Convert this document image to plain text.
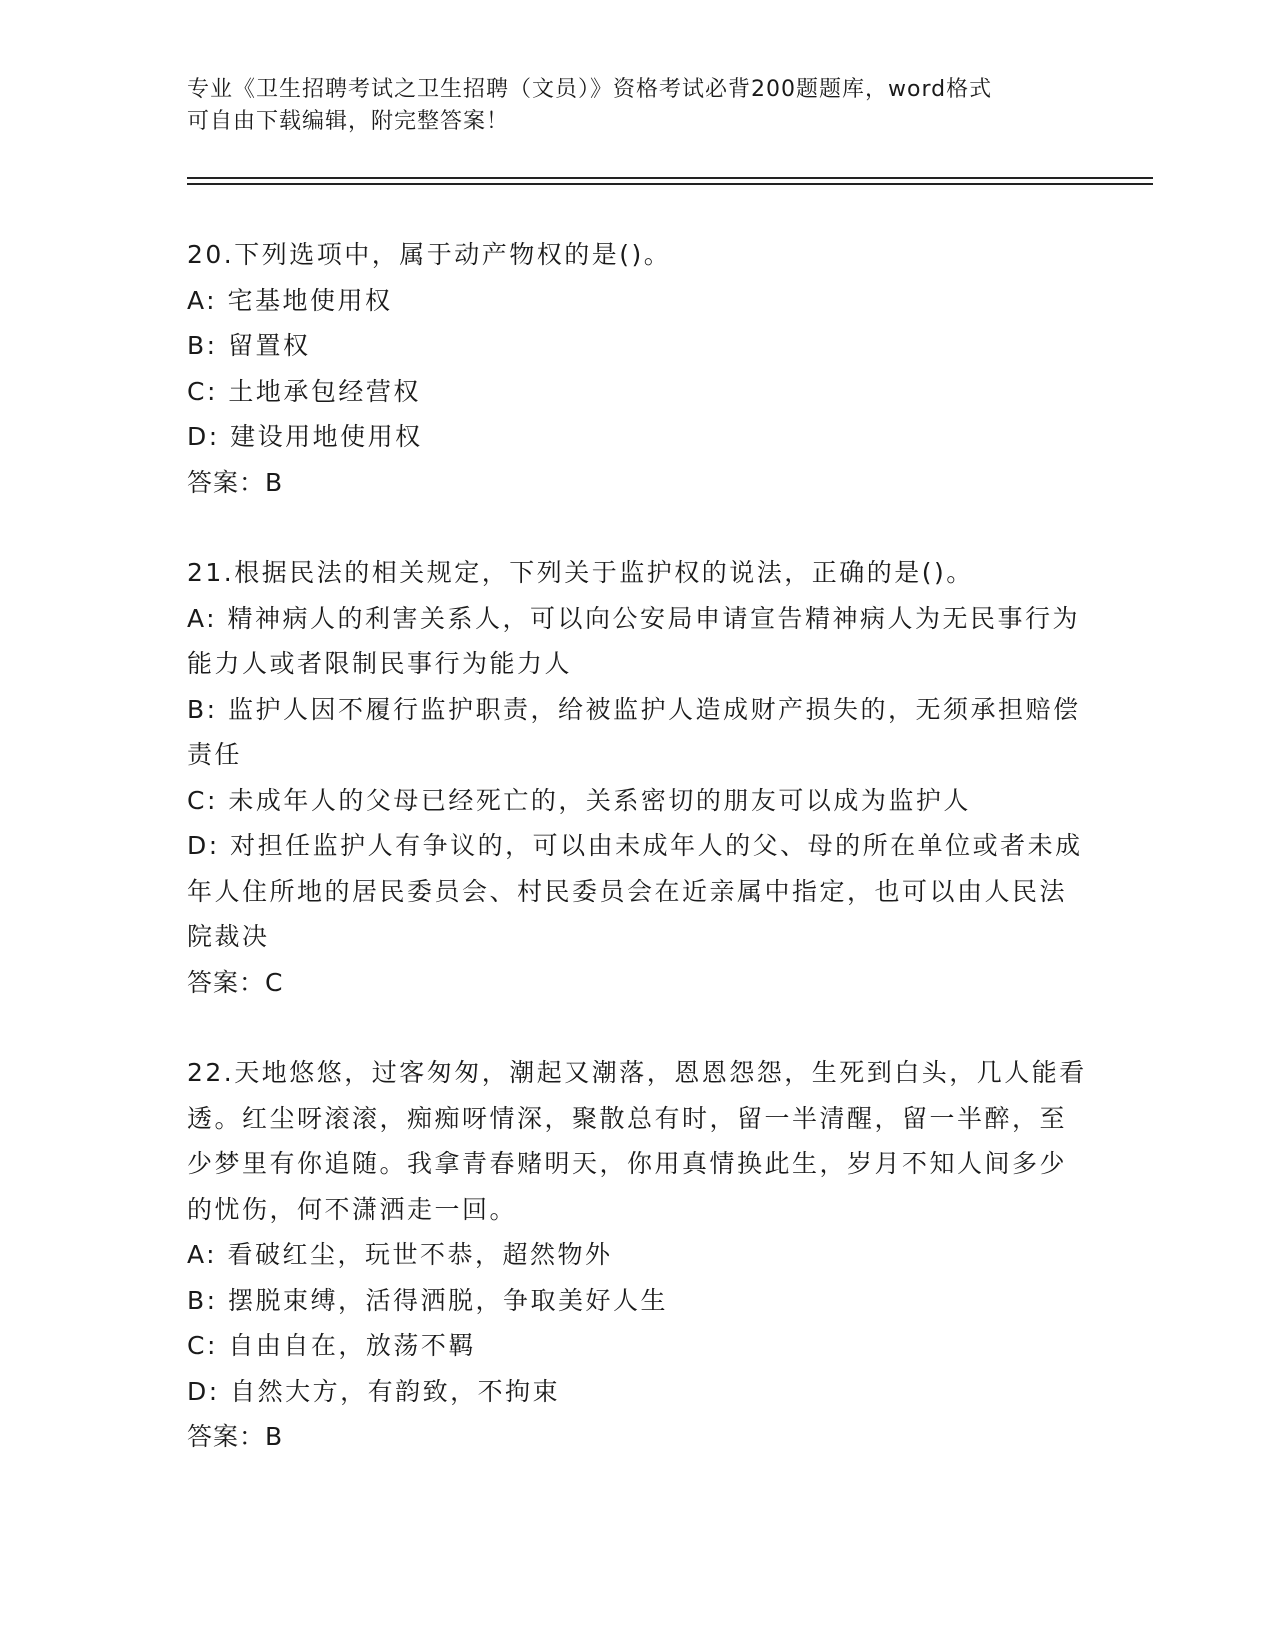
专业《卫生招聘考试之卫生招聘（文员）》资格考试必背200题题库，word格式
可自由下载编辑，附完整答案！
20.下列选项中，属于动产物权的是()。
A: 宅基地使用权
B: 留置权
C: 土地承包经营权
D: 建设用地使用权
答案：B
21.根据民法的相关规定，下列关于监护权的说法，正确的是()。
A: 精神病人的利害关系人，可以向公安局申请宣告精神病人为无民事行为能力人或者限制民事行为能力人
B: 监护人因不履行监护职责，给被监护人造成财产损失的，无须承担赔偿责任
C: 未成年人的父母已经死亡的，关系密切的朋友可以成为监护人
D: 对担任监护人有争议的，可以由未成年人的父、母的所在单位或者未成年人住所地的居民委员会、村民委员会在近亲属中指定，也可以由人民法院裁决
答案：C
22.天地悠悠，过客匆匆，潮起又潮落，恩恩怨怨，生死到白头，几人能看透。红尘呀滚滚，痴痴呀情深，聚散总有时，留一半清醒，留一半醉，至少梦里有你追随。我拿青春赌明天，你用真情换此生，岁月不知人间多少的忧伤，何不潇洒走一回。
A: 看破红尘，玩世不恭，超然物外
B: 摆脱束缚，活得洒脱，争取美好人生
C: 自由自在，放荡不羁
D: 自然大方，有韵致，不拘束
答案：B
